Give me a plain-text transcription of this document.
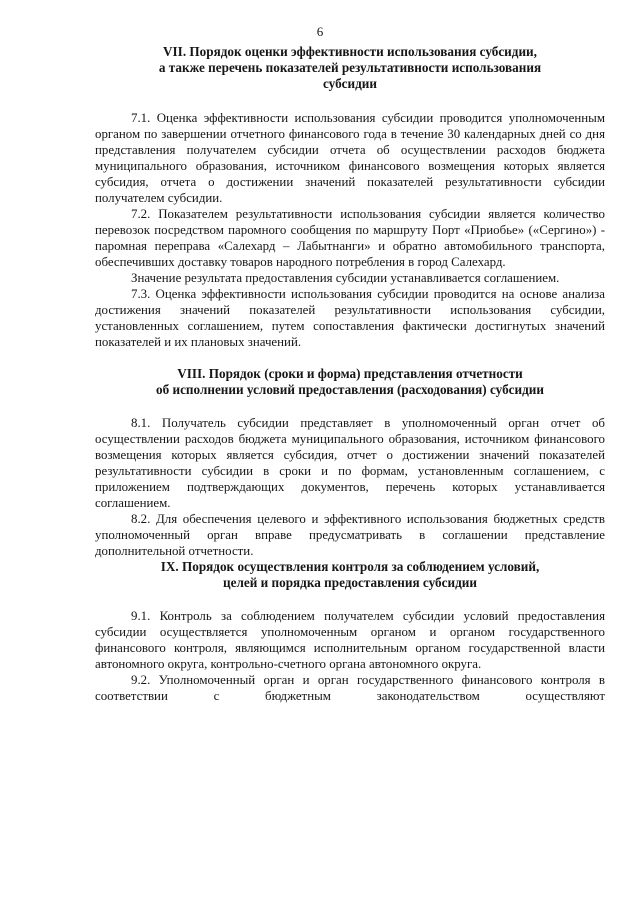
6
VII. Порядок оценки эффективности использования субсидии,
а также перечень показателей результативности использования
субсидии

7.1. Оценка эффективности использования субсидии проводится уполномоченным органом по завершении отчетного финансового года в течение 30 календарных дней со дня представления получателем субсидии отчета об осуществлении расходов бюджета муниципального образования, источником финансового возмещения которых является субсидия, отчета о достижении значений показателей результативности субсидии получателем субсидии.

7.2. Показателем результативности использования субсидии является количество перевозок посредством паромного сообщения по маршруту Порт «Приобье» («Сергино») - паромная переправа «Салехард – Лабытнанги» и обратно автомобильного транспорта, обеспечивших доставку товаров народного потребления в город Салехард.

Значение результата предоставления субсидии устанавливается соглашением.

7.3. Оценка эффективности использования субсидии проводится на основе анализа достижения значений показателей результативности использования субсидии, установленных соглашением, путем сопоставления фактически достигнутых значений показателей и их плановых значений.

VIII. Порядок (сроки и форма) представления отчетности
об исполнении условий предоставления (расходования) субсидии

8.1. Получатель субсидии представляет в уполномоченный орган отчет об осуществлении расходов бюджета муниципального образования, источником финансового возмещения которых является субсидия, отчет о достижении значений показателей результативности субсидии в сроки и по формам, установленным соглашением, с приложением подтверждающих документов, перечень которых устанавливается соглашением.

8.2. Для обеспечения целевого и эффективного использования бюджетных средств уполномоченный орган вправе предусматривать в соглашении представление дополнительной отчетности.

IX. Порядок осуществления контроля за соблюдением условий,
целей и порядка предоставления субсидии

9.1. Контроль за соблюдением получателем субсидии условий предоставления субсидии осуществляется уполномоченным органом и органом государственного финансового контроля, являющимся исполнительным органом государственной власти автономного округа, контрольно-счетного органа автономного округа.

9.2. Уполномоченный орган и орган государственного финансового контроля в соответствии с бюджетным законодательством осуществляют
